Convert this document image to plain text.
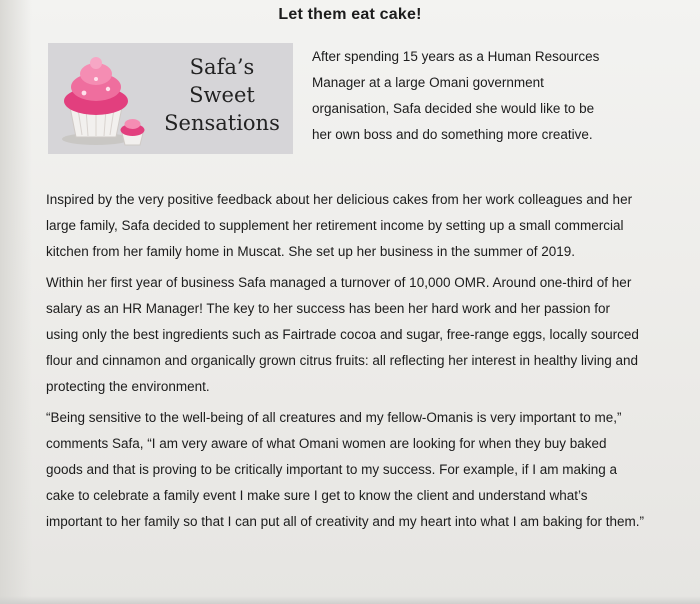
Let them eat cake!
Safa’s
Sweet
Sensations
After spending 15 years as a Human Resources Manager at a large Omani government organisation, Safa decided she would like to be her own boss and do something more creative.

Inspired by the very positive feedback about her delicious cakes from her work colleagues and her large family, Safa decided to supplement her retirement income by setting up a small commercial kitchen from her family home in Muscat. She set up her business in the summer of 2019.

Within her first year of business Safa managed a turnover of 10,000 OMR. Around one-third of her salary as an HR Manager! The key to her success has been her hard work and her passion for using only the best ingredients such as Fairtrade cocoa and sugar, free-range eggs, locally sourced flour and cinnamon and organically grown citrus fruits: all reflecting her interest in healthy living and protecting the environment.

“Being sensitive to the well-being of all creatures and my fellow-Omanis is very important to me,” comments Safa, “I am very aware of what Omani women are looking for when they buy baked goods and that is proving to be critically important to my success. For example, if I am making a cake to celebrate a family event I make sure I get to know the client and understand what’s important to her family so that I can put all of creativity and my heart into what I am baking for them.”
